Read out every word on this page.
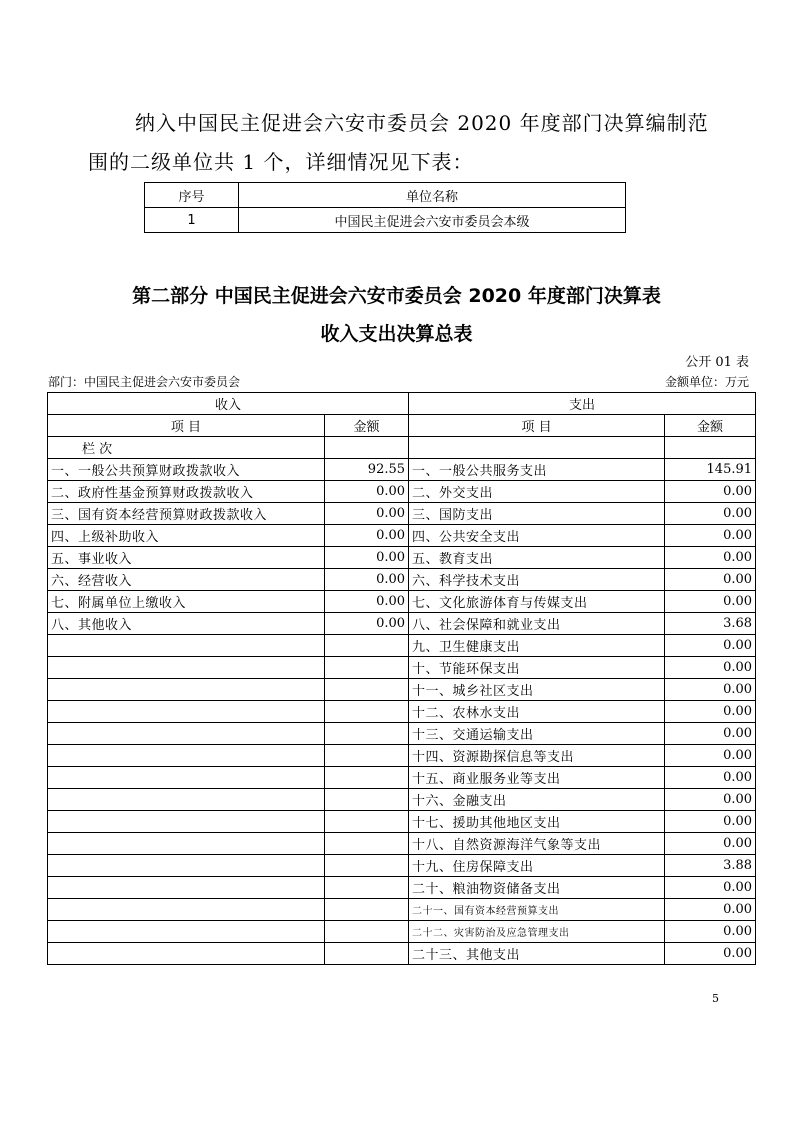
纳入中国民主促进会六安市委员会 2020 年度部门决算编制范
围的二级单位共 1 个，详细情况见下表：
序号	单位名称
1	中国民主促进会六安市委员会本级
第二部分 中国民主促进会六安市委员会 2020 年度部门决算表
收入支出决算总表
公开 01 表
部门：中国民主促进会六安市委员会	金额单位：万元
收入		支出	
项 目	金额	项 目	金额
栏 次			
一、一般公共预算财政拨款收入	92.55	一、一般公共服务支出	145.91
二、政府性基金预算财政拨款收入	0.00	二、外交支出	0.00
三、国有资本经营预算财政拨款收入	0.00	三、国防支出	0.00
四、上级补助收入	0.00	四、公共安全支出	0.00
五、事业收入	0.00	五、教育支出	0.00
六、经营收入	0.00	六、科学技术支出	0.00
七、附属单位上缴收入	0.00	七、文化旅游体育与传媒支出	0.00
八、其他收入	0.00	八、社会保障和就业支出	3.68
		九、卫生健康支出	0.00
		十、节能环保支出	0.00
		十一、城乡社区支出	0.00
		十二、农林水支出	0.00
		十三、交通运输支出	0.00
		十四、资源勘探信息等支出	0.00
		十五、商业服务业等支出	0.00
		十六、金融支出	0.00
		十七、援助其他地区支出	0.00
		十八、自然资源海洋气象等支出	0.00
		十九、住房保障支出	3.88
		二十、粮油物资储备支出	0.00
		二十一、国有资本经营预算支出	0.00
		二十二、灾害防治及应急管理支出	0.00
		二十三、其他支出	0.00
5
